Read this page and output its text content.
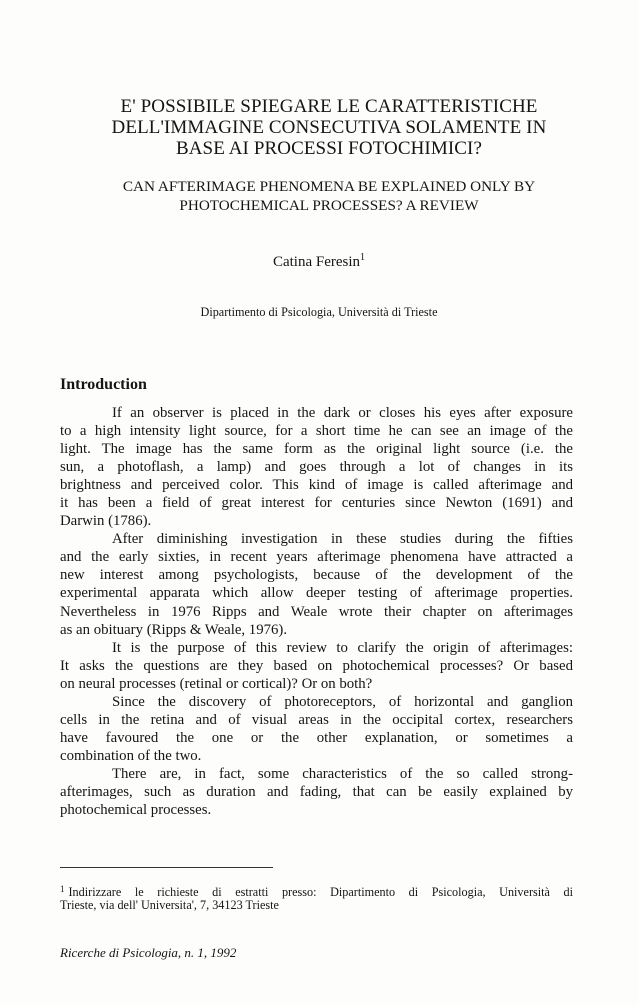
E' POSSIBILE SPIEGARE LE CARATTERISTICHE
DELL'IMMAGINE CONSECUTIVA SOLAMENTE IN
BASE AI PROCESSI FOTOCHIMICI?
CAN AFTERIMAGE PHENOMENA BE EXPLAINED ONLY BY
PHOTOCHEMICAL PROCESSES? A REVIEW
Catina Feresin$^1$
Dipartimento di Psicologia, Università di Trieste
Introduction
If an observer is placed in the dark or closes his eyes after exposure
to a high intensity light source, for a short time he can see an image of the
light. The image has the same form as the original light source (i.e. the
sun, a photoflash, a lamp) and goes through a lot of changes in its
brightness and perceived color. This kind of image is called afterimage and
it has been a field of great interest for centuries since Newton (1691) and
Darwin (1786).
After diminishing investigation in these studies during the fifties
and the early sixties, in recent years afterimage phenomena have attracted a
new interest among psychologists, because of the development of the
experimental apparata which allow deeper testing of afterimage properties.
Nevertheless in 1976 Ripps and Weale wrote their chapter on afterimages
as an obituary (Ripps & Weale, 1976).
It is the purpose of this review to clarify the origin of afterimages:
It asks the questions are they based on photochemical processes? Or based
on neural processes (retinal or cortical)? Or on both?
Since the discovery of photoreceptors, of horizontal and ganglion
cells in the retina and of visual areas in the occipital cortex, researchers
have favoured the one or the other explanation, or sometimes a
combination of the two.
There are, in fact, some characteristics of the so called strong-
afterimages, such as duration and fading, that can be easily explained by
photochemical processes.
$^1$ Indirizzare le richieste di estratti presso: Dipartimento di Psicologia, Università di
Trieste, via dell' Universita', 7, 34123 Trieste
Ricerche di Psicologia, n. 1, 1992
